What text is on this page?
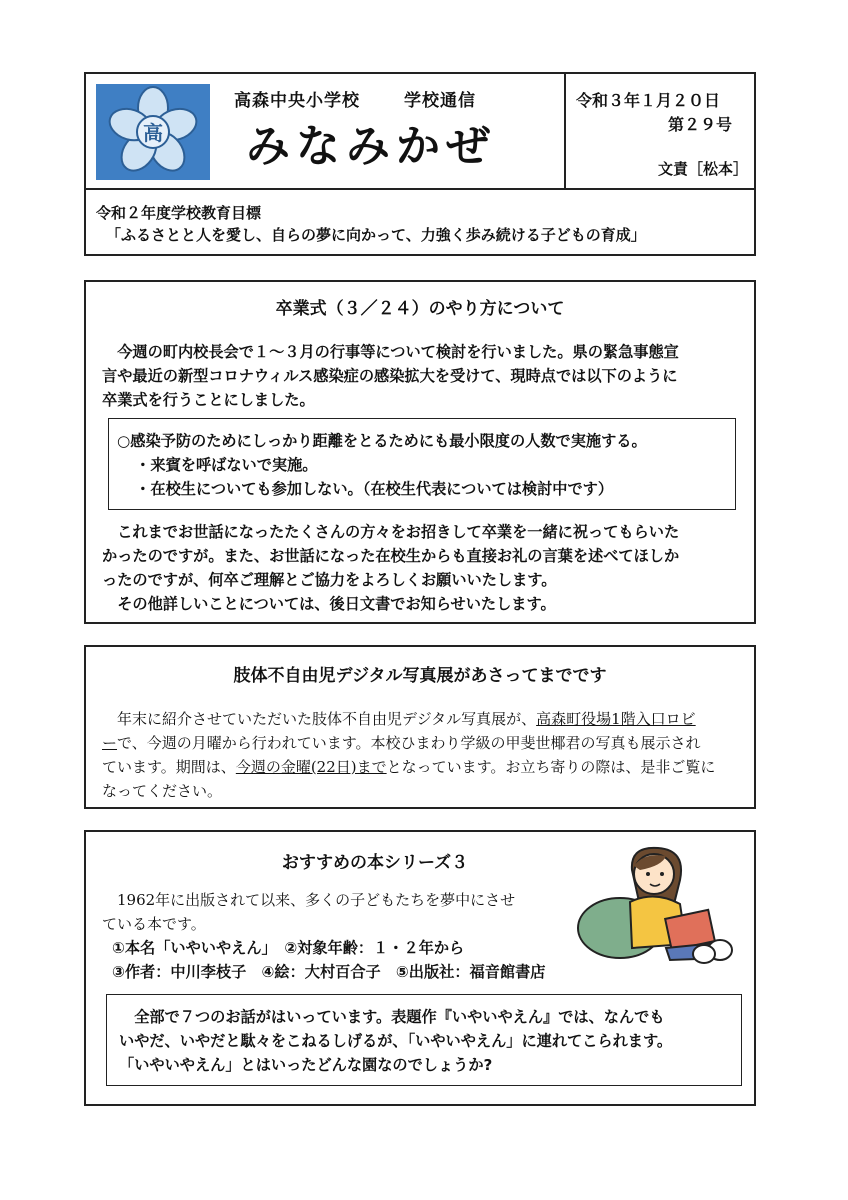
高
高森中央小学校	学校通信
みなみかぜ
令和３年１月２０日
第２９号
文責［松本］
令和２年度学校教育目標
「ふるさとと人を愛し、自らの夢に向かって、力強く歩み続ける子どもの育成」
卒業式（３／２４）のやり方について

今週の町内校長会で１～３月の行事等について検討を行いました。県の緊急事態宣

言や最近の新型コロナウィルス感染症の感染拡大を受けて、現時点では以下のように

卒業式を行うことにしました。

○感染予防のためにしっかり距離をとるためにも最小限度の人数で実施する。

・来賓を呼ばないで実施。

・在校生についても参加しない。（在校生代表については検討中です）

これまでお世話になったたくさんの方々をお招きして卒業を一緒に祝ってもらいた

かったのですが。また、お世話になった在校生からも直接お礼の言葉を述べてほしか

ったのですが、何卒ご理解とご協力をよろしくお願いいたします。

その他詳しいことについては、後日文書でお知らせいたします。

肢体不自由児デジタル写真展があさってまでです

年末に紹介させていただいた肢体不自由児デジタル写真展が、高森町役場1階入口ロビ

ーで、今週の月曜から行われています。本校ひまわり学級の甲斐世椰君の写真も展示され

ています。期間は、今週の金曜(22日)までとなっています。お立ち寄りの際は、是非ご覧に

なってください。

おすすめの本シリーズ３

1962年に出版されて以来、多くの子どもたちを夢中にさせ

ている本です。

①本名「いやいやえん」　②対象年齢：１・２年から

③作者：中川李枝子　④絵：大村百合子　⑤出版社：福音館書店

全部で７つのお話がはいっています。表題作『いやいやえん』では、なんでも

いやだ、いやだと駄々をこねるしげるが、「いやいやえん」に連れてこられます。

「いやいやえん」とはいったどんな園なのでしょうか?
